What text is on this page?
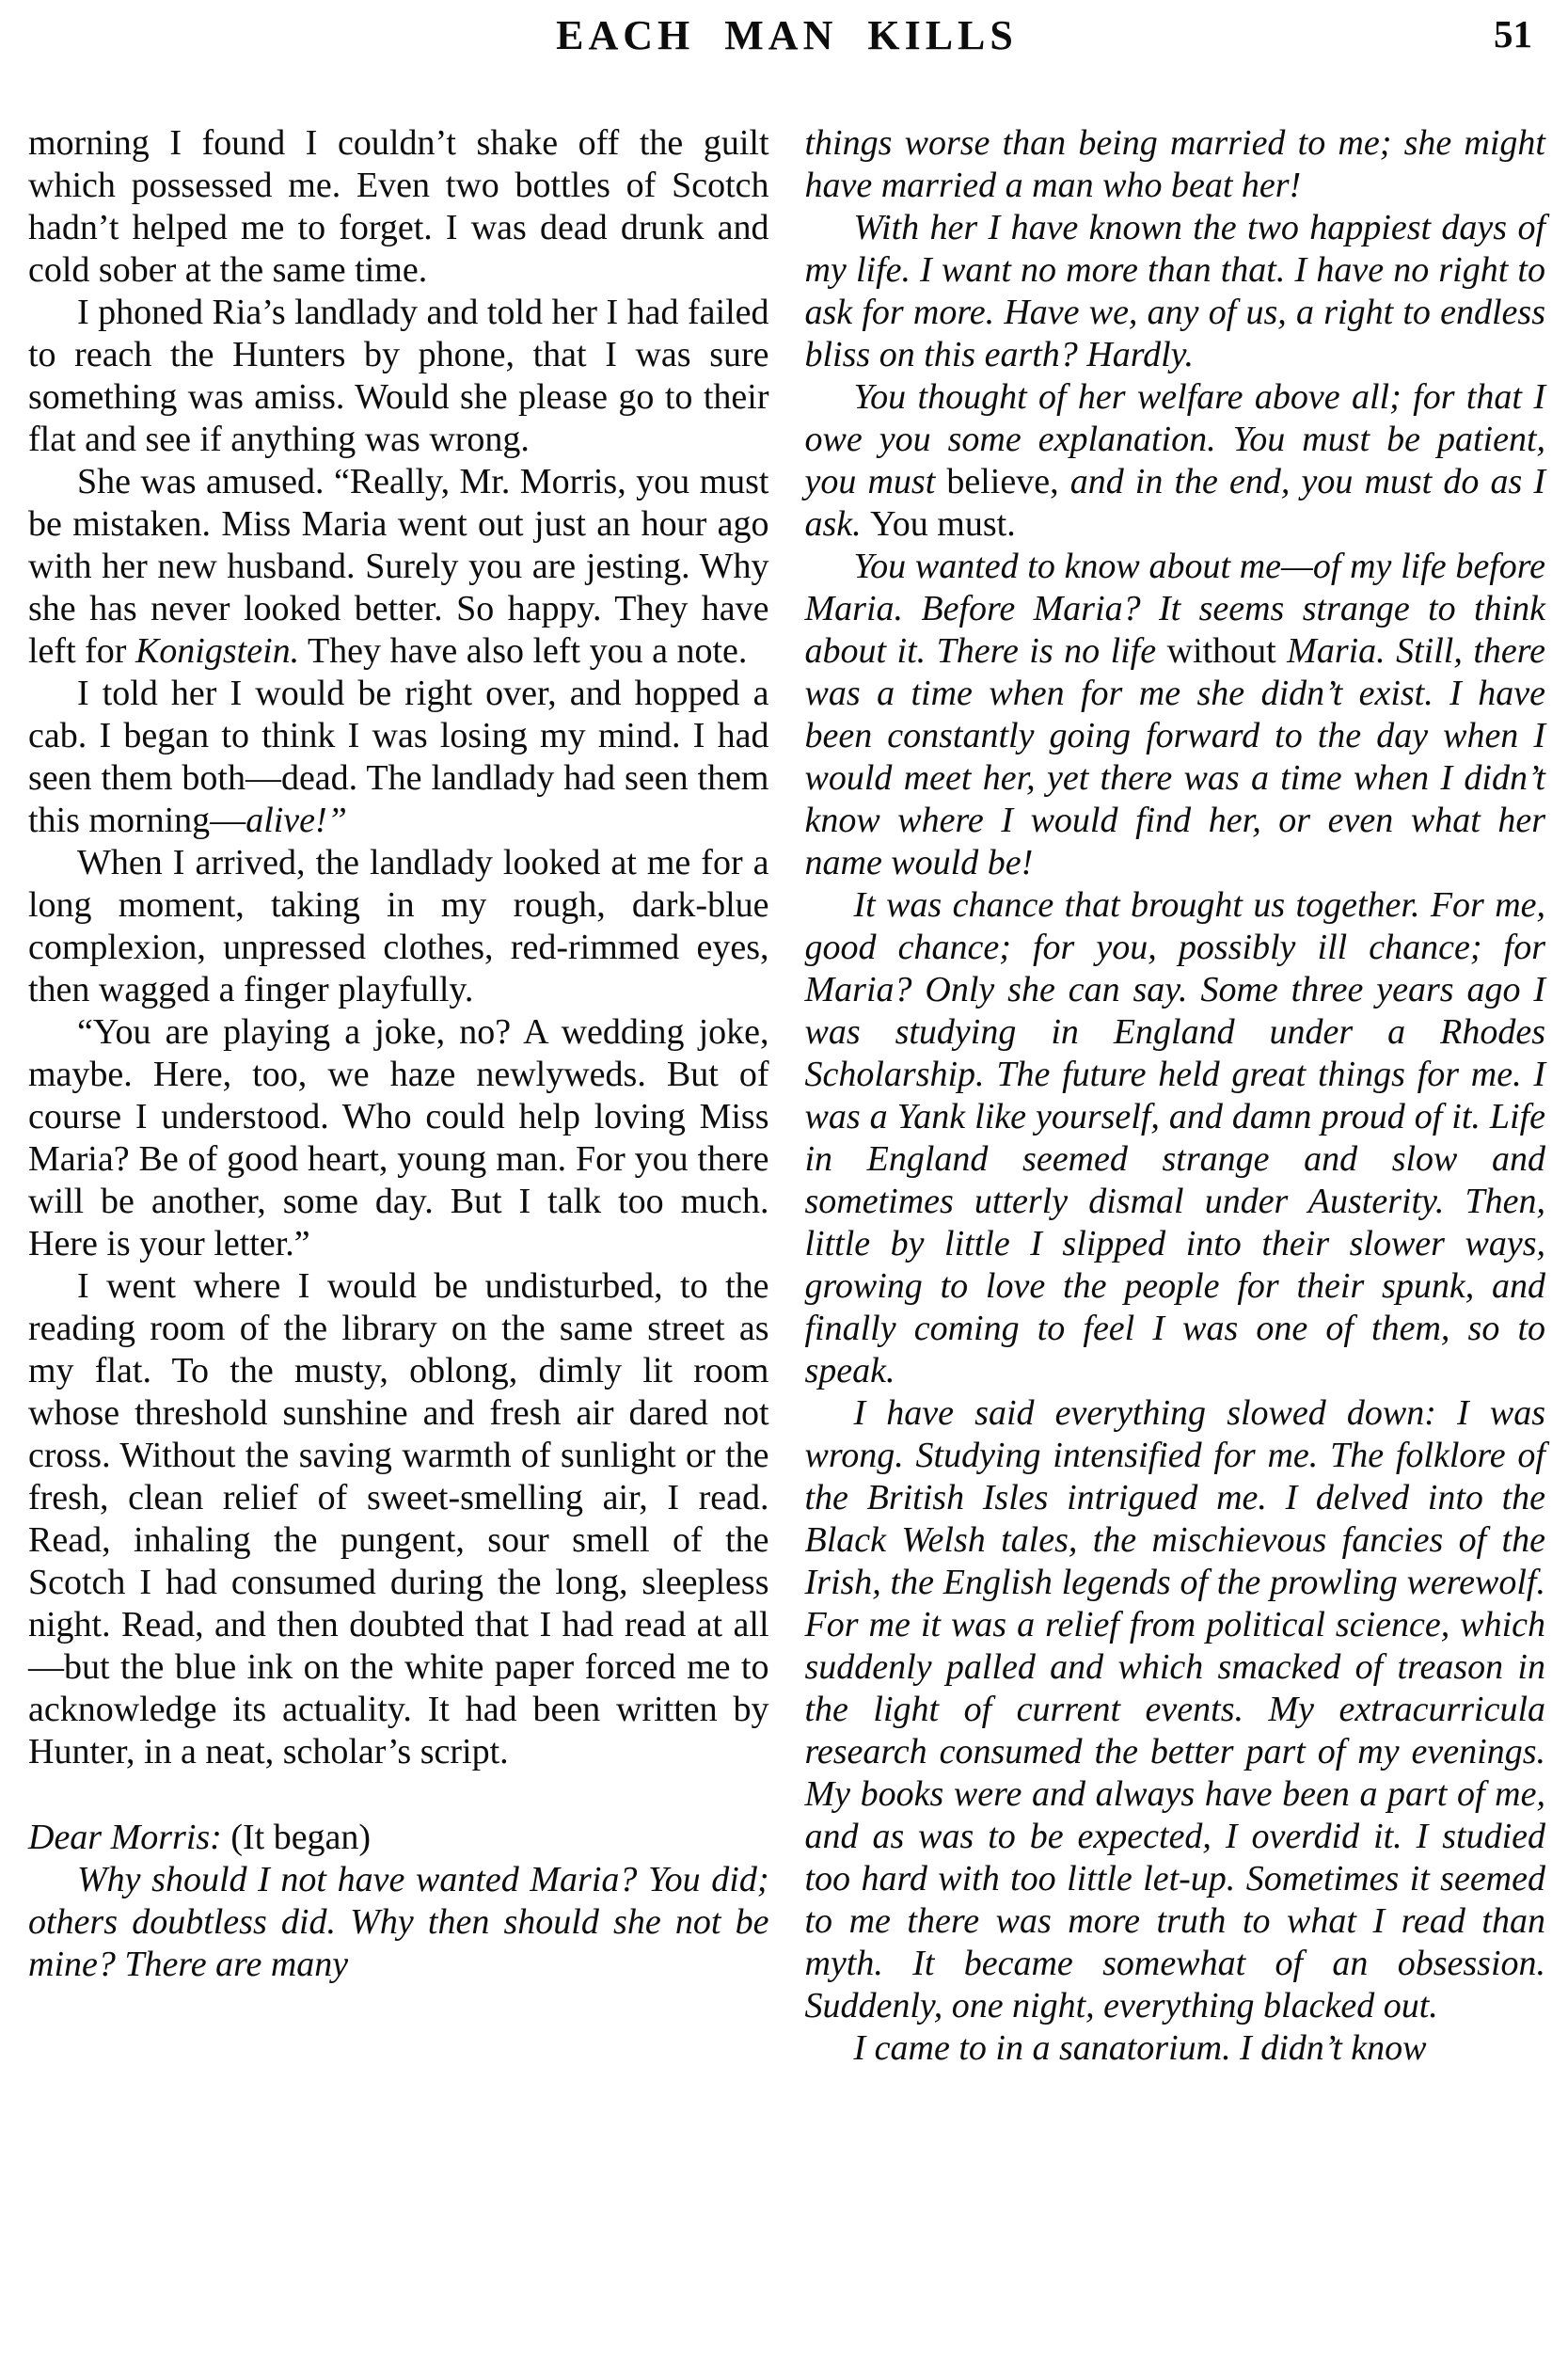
EACH MAN KILLS	51

morning I found I couldn’t shake off the guilt which possessed me. Even two bottles of Scotch hadn’t helped me to forget. I was dead drunk and cold sober at the same time.

I phoned Ria’s landlady and told her I had failed to reach the Hunters by phone, that I was sure something was amiss. Would she please go to their flat and see if anything was wrong.

She was amused. “Really, Mr. Morris, you must be mistaken. Miss Maria went out just an hour ago with her new husband. Surely you are jesting. Why she has never looked better. So happy. They have left for Konigstein. They have also left you a note.

I told her I would be right over, and hopped a cab. I began to think I was losing my mind. I had seen them both—dead. The landlady had seen them this morning—alive!”

When I arrived, the landlady looked at me for a long moment, taking in my rough, dark-blue complexion, unpressed clothes, red-rimmed eyes, then wagged a finger playfully.

“You are playing a joke, no? A wedding joke, maybe. Here, too, we haze newlyweds. But of course I understood. Who could help loving Miss Maria? Be of good heart, young man. For you there will be another, some day. But I talk too much. Here is your letter.”

I went where I would be undisturbed, to the reading room of the library on the same street as my flat. To the musty, oblong, dimly lit room whose threshold sunshine and fresh air dared not cross. Without the saving warmth of sunlight or the fresh, clean relief of sweet-smelling air, I read. Read, inhaling the pungent, sour smell of the Scotch I had consumed during the long, sleepless night. Read, and then doubted that I had read at all—but the blue ink on the white paper forced me to acknowledge its actuality. It had been written by Hunter, in a neat, scholar’s script.

Dear Morris: (It began)

Why should I not have wanted Maria? You did; others doubtless did. Why then should she not be mine? There are many

things worse than being married to me; she might have married a man who beat her!

With her I have known the two happiest days of my life. I want no more than that. I have no right to ask for more. Have we, any of us, a right to endless bliss on this earth? Hardly.

You thought of her welfare above all; for that I owe you some explanation. You must be patient, you must believe, and in the end, you must do as I ask. You must.

You wanted to know about me—of my life before Maria. Before Maria? It seems strange to think about it. There is no life without Maria. Still, there was a time when for me she didn’t exist. I have been constantly going forward to the day when I would meet her, yet there was a time when I didn’t know where I would find her, or even what her name would be!

It was chance that brought us together. For me, good chance; for you, possibly ill chance; for Maria? Only she can say. Some three years ago I was studying in England under a Rhodes Scholarship. The future held great things for me. I was a Yank like yourself, and damn proud of it. Life in England seemed strange and slow and sometimes utterly dismal under Austerity. Then, little by little I slipped into their slower ways, growing to love the people for their spunk, and finally coming to feel I was one of them, so to speak.

I have said everything slowed down: I was wrong. Studying intensified for me. The folklore of the British Isles intrigued me. I delved into the Black Welsh tales, the mischievous fancies of the Irish, the English legends of the prowling werewolf. For me it was a relief from political science, which suddenly palled and which smacked of treason in the light of current events. My extracurricula research consumed the better part of my evenings. My books were and always have been a part of me, and as was to be expected, I overdid it. I studied too hard with too little let-up. Sometimes it seemed to me there was more truth to what I read than myth. It became somewhat of an obsession. Suddenly, one night, everything blacked out.

I came to in a sanatorium. I didn’t know
